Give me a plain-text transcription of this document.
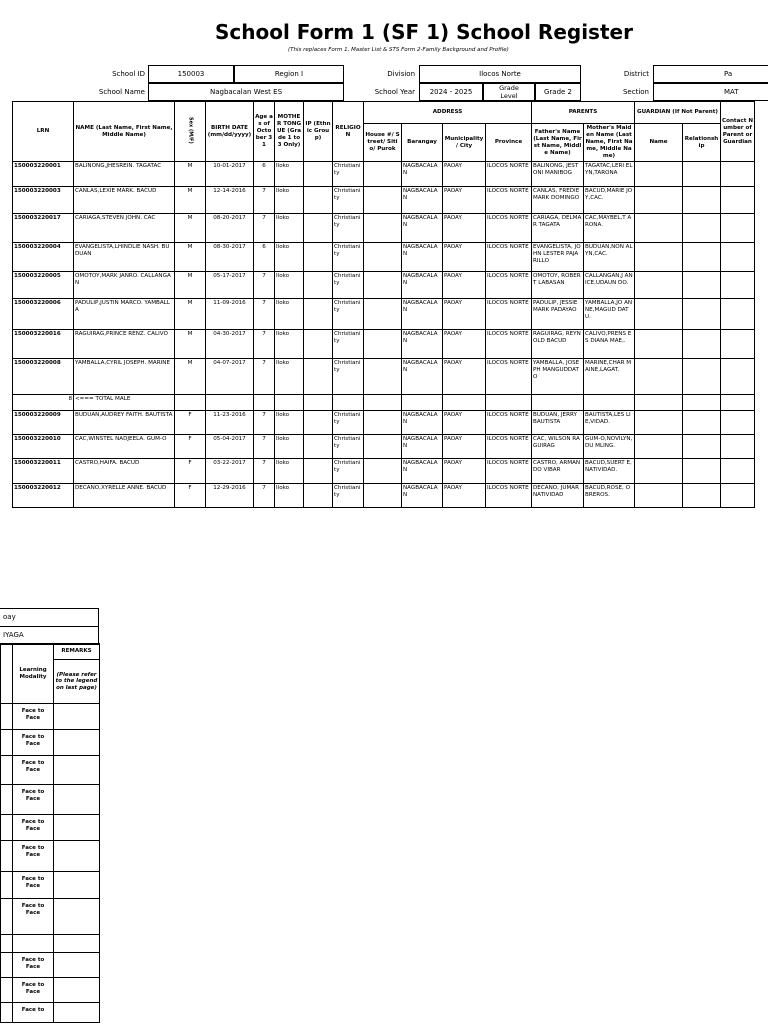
School Form 1 (SF 1) School Register
(This replaces Form 1, Master List & STS Form 2-Family Background and Profile)
School ID	150003	Region I	Division	Ilocos Norte	District	Pa
School Name	Nagbacalan West ES	School Year	2024 - 2025	Grade Level	Grade 2	Section	MAT
LRN	NAME (Last Name, First Name, Middle Name)	Sex (M/F)	BIRTH DATE (mm/dd/yyyy)	Age as of October 31	MOTHER TONGUE (Grade 1 to 3 Only)	IP (Ethnic Group)	RELIGION	ADDRESS				PARENTS		GUARDIAN (If Not Parent)		Contact Number of Parent or Guardian
								House #/ Street/ Sitio/ Purok	Barangay	Municipality / City	Province	Father's Name (Last Name, First Name, Middle Name)	Mother's Maiden Name (Last Name, First Name, Middle Name)	Name	Relationship	
150003220001	BALINONG,JHESREIN. TAGATAC	M	10-01-2017	6	Iloko		Christianity		NAGBACALAN	PAOAY	ILOCOS NORTE	BALINONG, JESTONI MANIBOG	TAGATAC,LERI ELYN,TARONA			
150003220003	CANLAS,LEXIE MARK. BACUD	M	12-14-2016	7	Iloko		Christianity		NAGBACALAN	PAOAY	ILOCOS NORTE	CANLAS, FREDIE MARK DOMINGO	BACUD,MARIE JOY,CAC.			
150003220017	CARIAGA,STEVEN JOHN. CAC	M	08-20-2017	7	Iloko		Christianity		NAGBACALAN	PAOAY	ILOCOS NORTE	CARIAGA, DELMAR TAGATA	CAC,MAYBEL,T ARONA.			
150003220004	EVANGELISTA,LHINDLIE NASH. BUDUAN	M	08-30-2017	6	Iloko		Christianity		NAGBACALAN	PAOAY	ILOCOS NORTE	EVANGELISTA, JOHN LESTER PAJARILLO	BUDUAN,NON ALYN,CAC.			
150003220005	OMOTOY,MARK JANRO. CALLANGAN	M	05-17-2017	7	Iloko		Christianity		NAGBACALAN	PAOAY	ILOCOS NORTE	OMOTOY, ROBERT LABASAN	CALLANGAN,J ANICE,UDAUN DO.			
150003220006	PADULIP,JUSTIN MARCO. YAMBALLA	M	11-09-2016	7	Iloko		Christianity		NAGBACALAN	PAOAY	ILOCOS NORTE	PADULIP, JESSIE MARK PADAYAO	YAMBALLA,JO ANNE,MAGUD DATU.			
150003220016	RAGUIRAG,PRINCE RENZ. CALIVO	M	04-30-2017	7	Iloko		Christianity		NAGBACALAN	PAOAY	ILOCOS NORTE	RAGUIRAG, REYNOLD BACUD	CALIVO,PRENS ES DIANA MAE,.			
150003220008	YAMBALLA,CYRIL JOSEPH. MARINE	M	04-07-2017	7	Iloko		Christianity		NAGBACALAN	PAOAY	ILOCOS NORTE	YAMBALLA, JOSEPH MANGUDDATO	MARINE,CHAR MAINE,LAGAT.			
8	<=== TOTAL MALE															
150003220009	BUDUAN,AUDREY FAITH. BAUTISTA	F	11-23-2016	7	Iloko		Christianity		NAGBACALAN	PAOAY	ILOCOS NORTE	BUDUAN, JERRY BAUTISTA	BAUTISTA,LES LIE,VIDAD.			
150003220010	CAC,WINSTEL NADJEELA. GUM-O	F	05-04-2017	7	Iloko		Christianity		NAGBACALAN	PAOAY	ILOCOS NORTE	CAC, WILSON RAGUIRAG	GUM-O,NOVILYN,DU MLING.			
150003220011	CASTRO,HAIFA. BACUD	F	03-22-2017	7	Iloko		Christianity		NAGBACALAN	PAOAY	ILOCOS NORTE	CASTRO, ARMANDO VIBAR	BACUD,SUERT E,NATIVIDAD.			
150003220012	DECANO,XYRELLE ANNE. BACUD	F	12-29-2016	7	Iloko		Christianity		NAGBACALAN	PAOAY	ILOCOS NORTE	DECANO, JUMAR NATIVIDAD	BACUD,ROSE, OBREROS.			
oay
IYAGA
	Learning Modality	REMARKS
		(Please refer to the legend on last page)
	Face to Face	
	Face to Face	
	Face to Face	
	Face to Face	
	Face to Face	
	Face to Face	
	Face to Face	
	Face to Face	

	Face to Face	
	Face to Face	
	Face to	
